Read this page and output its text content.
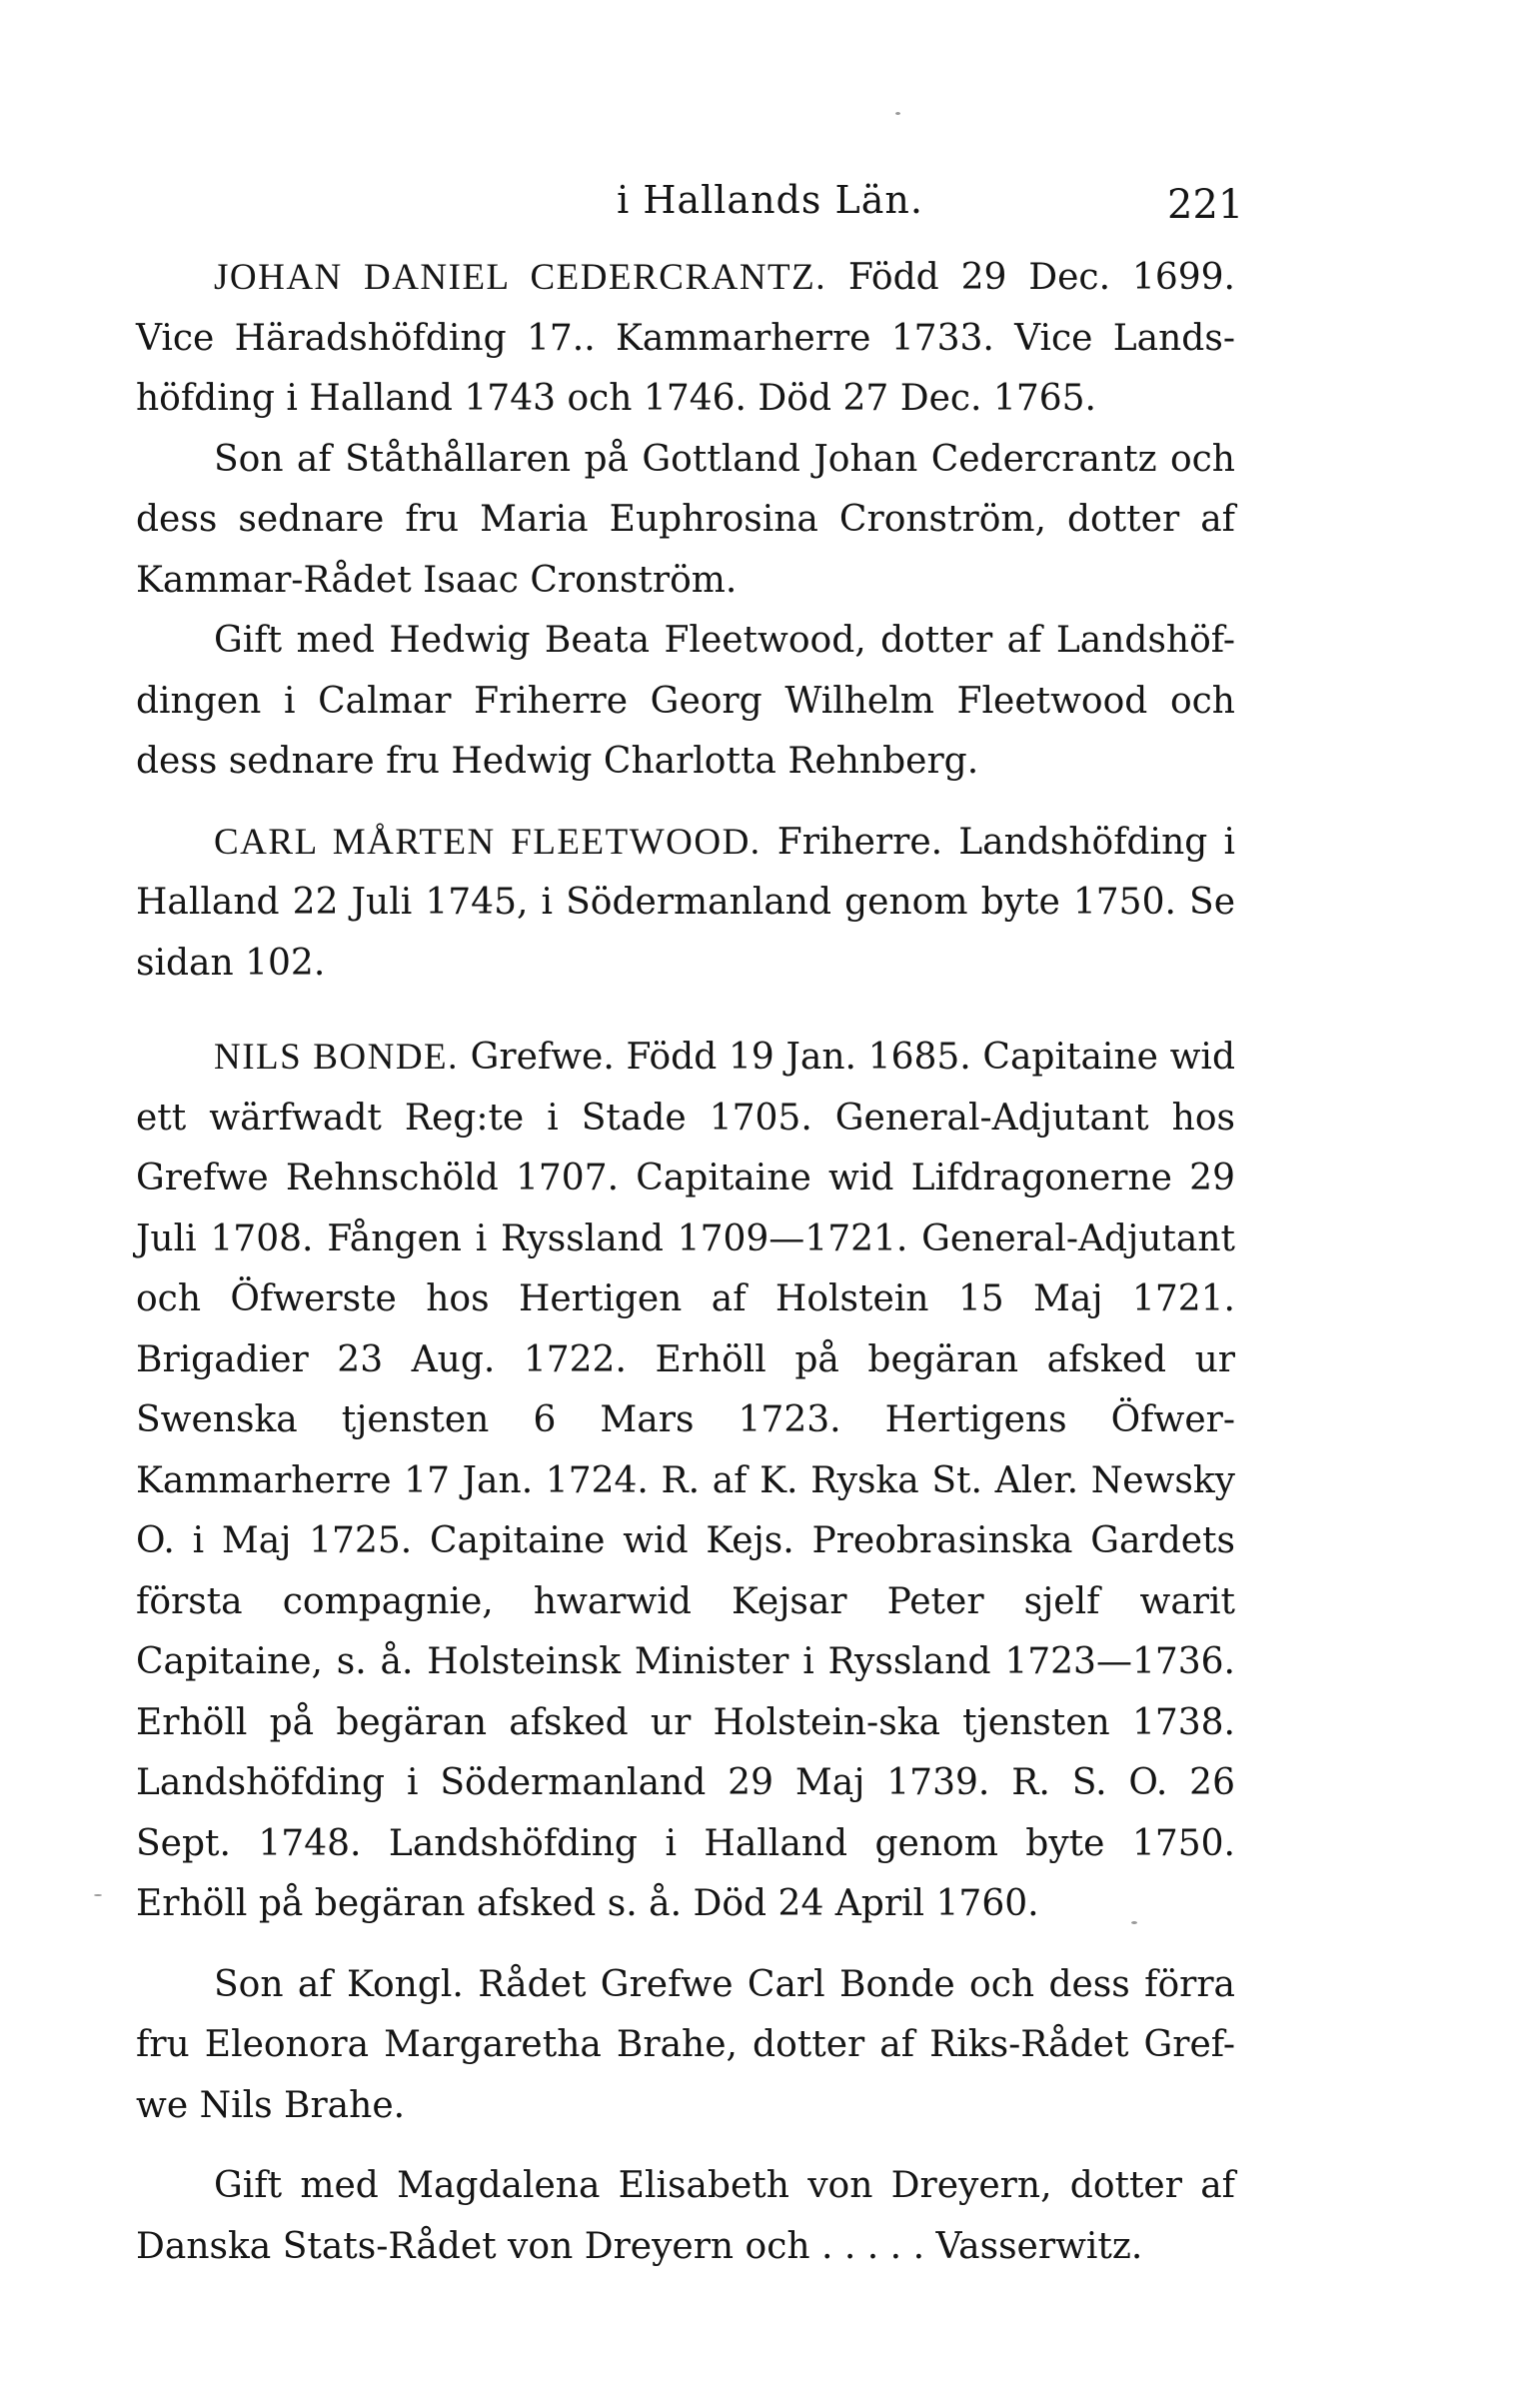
i Hallands Län.	221

JOHAN DANIEL CEDERCRANTZ. Född 29 Dec. 1699. Vice Häradshöfding 17.. Kammarherre 1733. Vice Lands-höfding i Halland 1743 och 1746. Död 27 Dec. 1765.

Son af Ståthållaren på Gottland Johan Cedercrantz och dess sednare fru Maria Euphrosina Cronström, dotter af Kammar-Rådet Isaac Cronström.

Gift med Hedwig Beata Fleetwood, dotter af Landshöf-dingen i Calmar Friherre Georg Wilhelm Fleetwood och dess sednare fru Hedwig Charlotta Rehnberg.

CARL MÅRTEN FLEETWOOD. Friherre. Landshöfding i Halland 22 Juli 1745, i Södermanland genom byte 1750. Se sidan 102.

NILS BONDE. Grefwe. Född 19 Jan. 1685. Capitaine wid ett wärfwadt Reg:te i Stade 1705. General-Adjutant hos Grefwe Rehnschöld 1707. Capitaine wid Lifdragonerne 29 Juli 1708. Fången i Ryssland 1709—1721. General-Adjutant och Öfwerste hos Hertigen af Holstein 15 Maj 1721. Brigadier 23 Aug. 1722. Erhöll på begäran afsked ur Swenska tjensten 6 Mars 1723. Hertigens Öfwer-Kammarherre 17 Jan. 1724. R. af K. Ryska St. Aler. Newsky O. i Maj 1725. Capitaine wid Kejs. Preobrasinska Gardets första compagnie, hwarwid Kejsar Peter sjelf warit Capitaine, s. å. Holsteinsk Minister i Ryssland 1723—1736. Erhöll på begäran afsked ur Holstein-ska tjensten 1738. Landshöfding i Södermanland 29 Maj 1739. R. S. O. 26 Sept. 1748. Landshöfding i Halland genom byte 1750. Erhöll på begäran afsked s. å. Död 24 April 1760.

Son af Kongl. Rådet Grefwe Carl Bonde och dess förra fru Eleonora Margaretha Brahe, dotter af Riks-Rådet Gref-we Nils Brahe.

Gift med Magdalena Elisabeth von Dreyern, dotter af Danska Stats-Rådet von Dreyern och . . . . . Vasserwitz.
